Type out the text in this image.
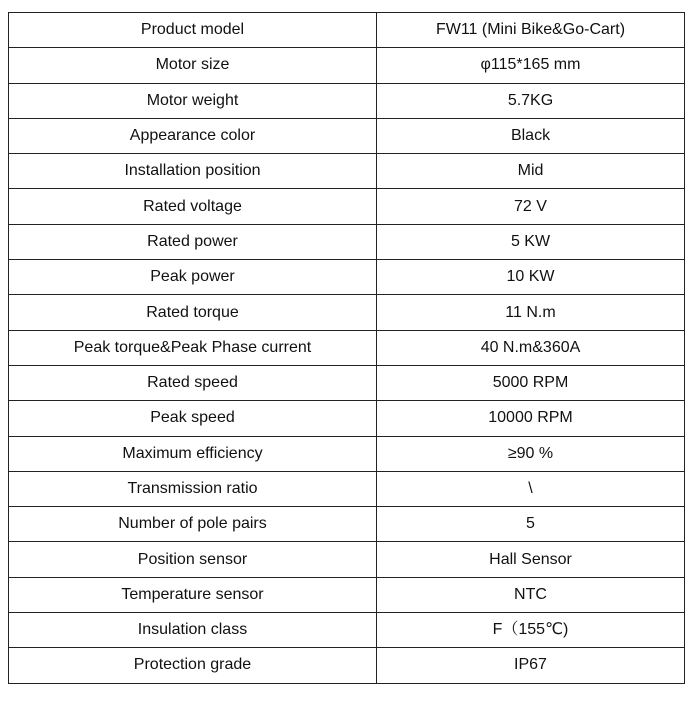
Product model	FW11 (Mini Bike&Go-Cart)
Motor size	φ115*165 mm
Motor weight	5.7KG
Appearance color	Black
Installation position	Mid
Rated voltage	72 V
Rated power	5 KW
Peak power	10 KW
Rated torque	11 N.m
Peak torque&Peak Phase current	40 N.m&360A
Rated speed	5000 RPM
Peak speed	10000 RPM
Maximum efficiency	≥90 %
Transmission ratio	\
Number of pole pairs	5
Position sensor	Hall Sensor
Temperature sensor	NTC
Insulation class	F（155℃)
Protection grade	IP67
